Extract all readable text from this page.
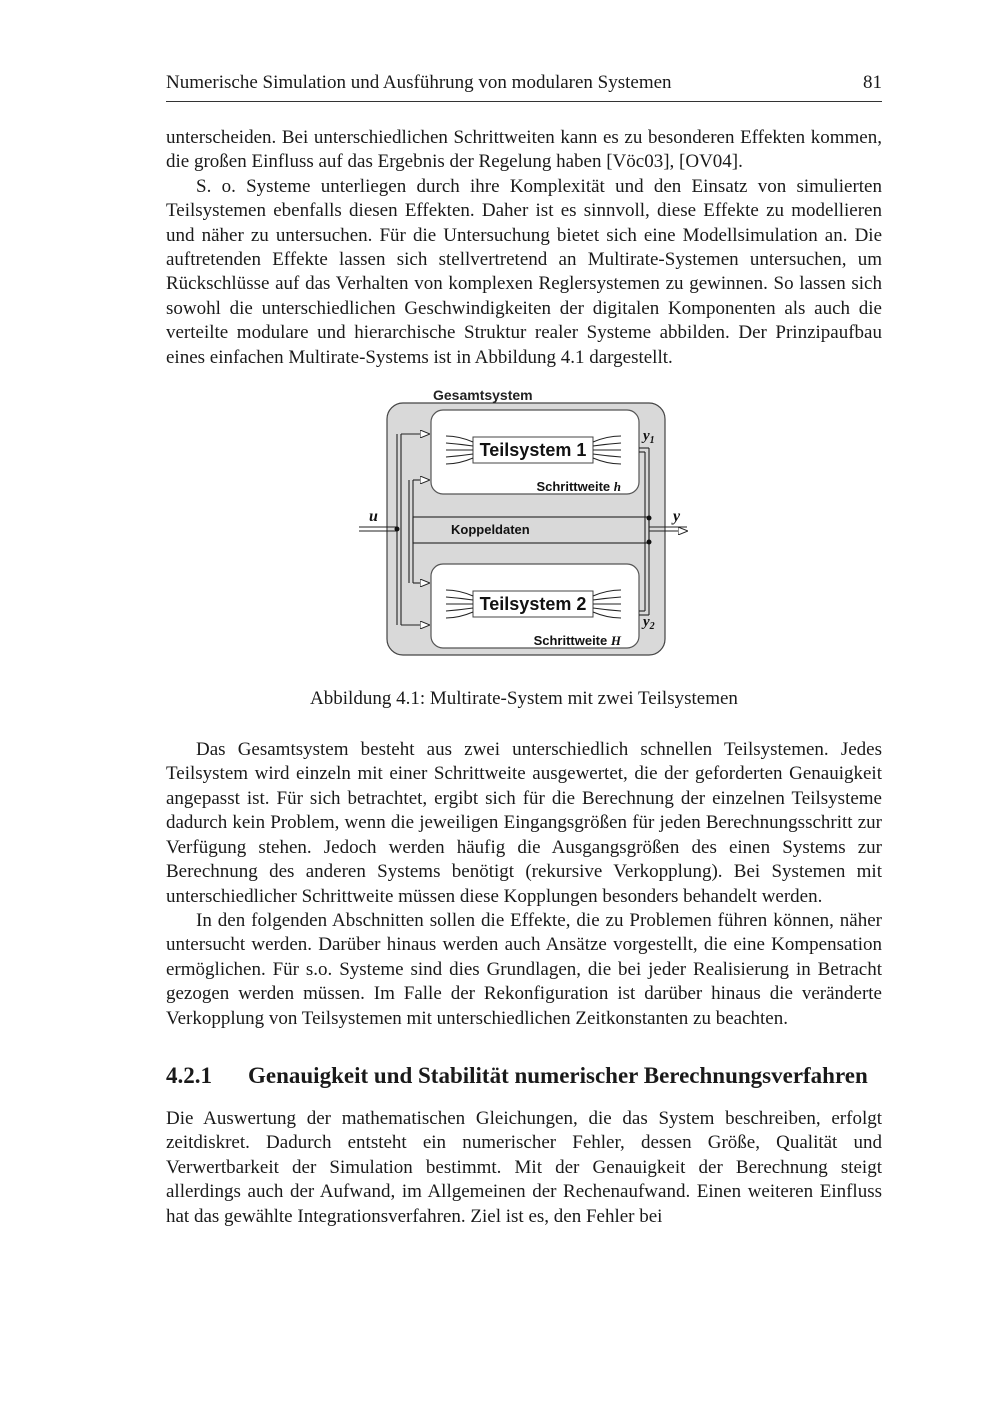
Numerische Simulation und Ausführung von modularen Systemen	81

unterscheiden. Bei unterschiedlichen Schrittweiten kann es zu besonderen Effekten kommen, die großen Einfluss auf das Ergebnis der Regelung haben [Vöc03], [OV04].

S. o. Systeme unterliegen durch ihre Komplexität und den Einsatz von simulierten Teilsystemen ebenfalls diesen Effekten. Daher ist es sinnvoll, diese Effekte zu modellieren und näher zu untersuchen. Für die Untersuchung bietet sich eine Modellsimulation an. Die auftretenden Effekte lassen sich stellvertretend an Multirate-Systemen untersuchen, um Rückschlüsse auf das Verhalten von komplexen Reglersystemen zu gewinnen. So lassen sich sowohl die unterschiedlichen Geschwindigkeiten der digitalen Komponenten als auch die verteilte modulare und hierarchische Struktur realer Systeme abbilden. Der Prinzipaufbau eines einfachen Multirate-Systems ist in Abbildung 4.1 dargestellt.

Gesamtsystem
Teilsystem 1
Schrittweite h
Teilsystem 2
Schrittweite H
Koppeldaten
u	y
y1
y2
Abbildung 4.1: Multirate-System mit zwei Teilsystemen

Das Gesamtsystem besteht aus zwei unterschiedlich schnellen Teilsystemen. Jedes Teilsystem wird einzeln mit einer Schrittweite ausgewertet, die der geforderten Genauigkeit angepasst ist. Für sich betrachtet, ergibt sich für die Berechnung der einzelnen Teilsysteme dadurch kein Problem, wenn die jeweiligen Eingangsgrößen für jeden Berechnungsschritt zur Verfügung stehen. Jedoch werden häufig die Ausgangsgrößen des einen Systems zur Berechnung des anderen Systems benötigt (rekursive Verkopplung). Bei Systemen mit unterschiedlicher Schrittweite müssen diese Kopplungen besonders behandelt werden.

In den folgenden Abschnitten sollen die Effekte, die zu Problemen führen können, näher untersucht werden. Darüber hinaus werden auch Ansätze vorgestellt, die eine Kompensation ermöglichen. Für s.o. Systeme sind dies Grundlagen, die bei jeder Realisierung in Betracht gezogen werden müssen. Im Falle der Rekonfiguration ist darüber hinaus die veränderte Verkopplung von Teilsystemen mit unterschiedlichen Zeitkonstanten zu beachten.

4.2.1	Genauigkeit und Stabilität numerischer Berechnungsverfahren

Die Auswertung der mathematischen Gleichungen, die das System beschreiben, erfolgt zeitdiskret. Dadurch entsteht ein numerischer Fehler, dessen Größe, Qualität und Verwertbarkeit der Simulation bestimmt. Mit der Genauigkeit der Berechnung steigt allerdings auch der Aufwand, im Allgemeinen der Rechenaufwand. Einen weiteren Einfluss hat das gewählte Integrationsverfahren. Ziel ist es, den Fehler bei
